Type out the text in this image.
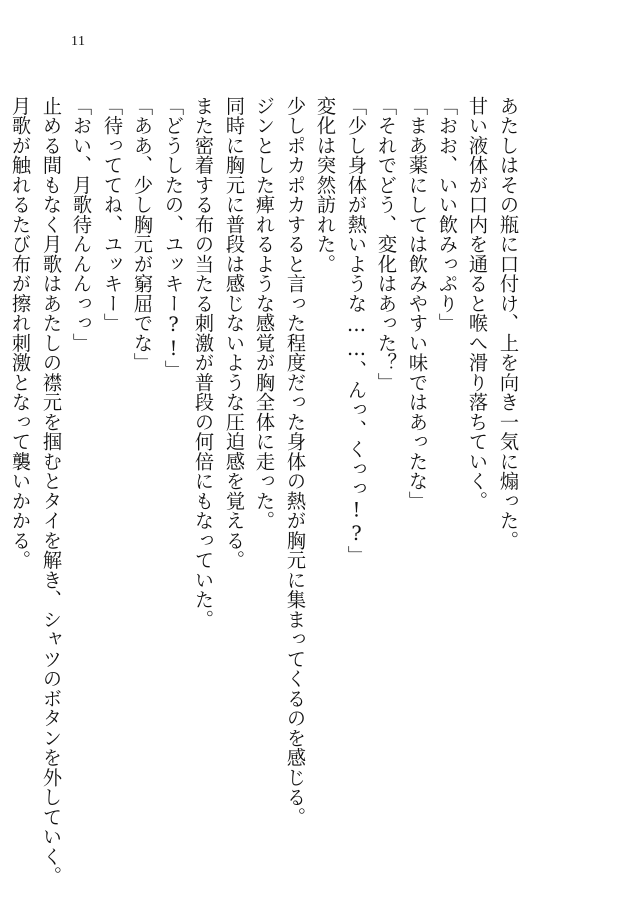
11
あたしはその瓶に口付け、上を向き一気に煽った。
甘い液体が口内を通ると喉へ滑り落ちていく。
「おお、いい飲みっぷり」
「まあ薬にしては飲みやすい味ではあったな」
「それでどう、変化はあった？」
「少し身体が熱いような……、んっ、くっっ!?」
変化は突然訪れた。
少しポカポカすると言った程度だった身体の熱が胸元に集まってくるのを感じる。
ジンとした痺れるような感覚が胸全体に走った。
同時に胸元に普段は感じないような圧迫感を覚える。
また密着する布の当たる刺激が普段の何倍にもなっていた。
「どうしたの、ユッキー?!」
「ああ、少し胸元が窮屈でな」
「待っててね、ユッキー」
「おい、月歌待んんんっっ」
止める間もなく月歌はあたしの襟元を掴むとタイを解き、シャツのボタンを外していく。
月歌が触れるたび布が擦れ刺激となって襲いかかる。
